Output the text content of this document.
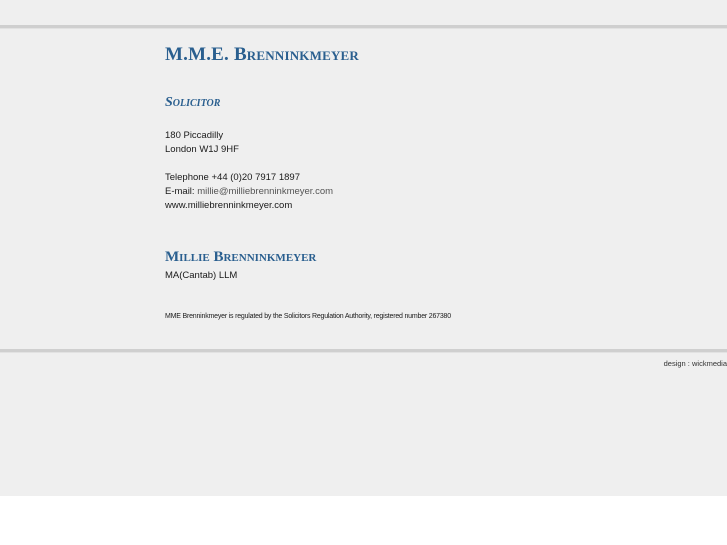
M.M.E. Brenninkmeyer
Solicitor
180 Piccadilly
London W1J 9HF
Telephone +44 (0)20 7917 1897
E-mail: millie@milliebrenninkmeyer.com
www.milliebrenninkmeyer.com
Millie Brenninkmeyer
MA(Cantab) LLM
MME Brenninkmeyer is regulated by the Solicitors Regulation Authority, registered number 267380
design : wickmedia
